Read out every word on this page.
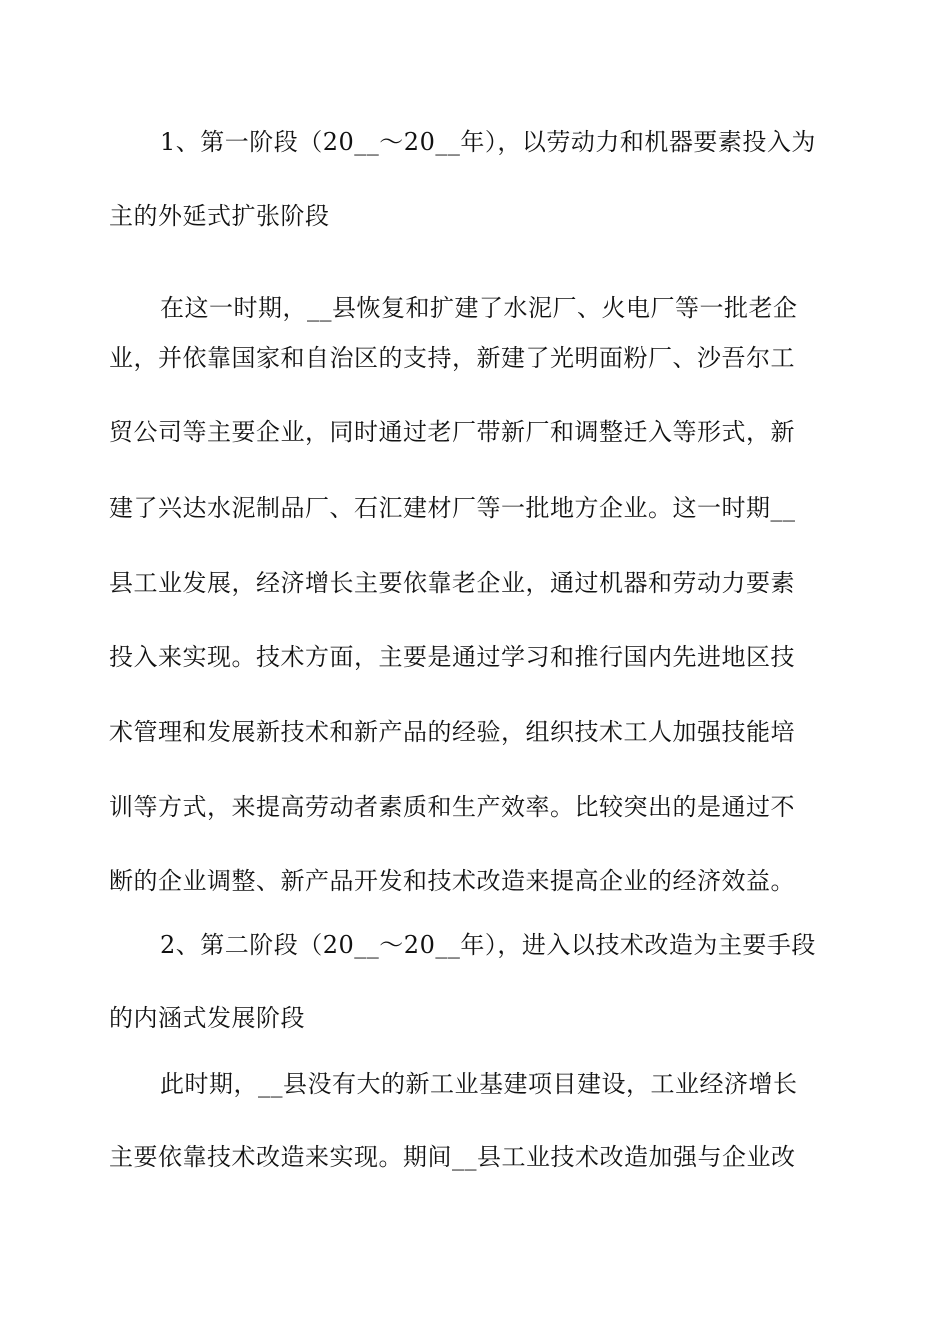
1、第一阶段（20__～20__年），以劳动力和机器要素投入为
主的外延式扩张阶段
在这一时期，__县恢复和扩建了水泥厂、火电厂等一批老企
业，并依靠国家和自治区的支持，新建了光明面粉厂、沙吾尔工
贸公司等主要企业，同时通过老厂带新厂和调整迁入等形式，新
建了兴达水泥制品厂、石汇建材厂等一批地方企业。这一时期__
县工业发展，经济增长主要依靠老企业，通过机器和劳动力要素
投入来实现。技术方面，主要是通过学习和推行国内先进地区技
术管理和发展新技术和新产品的经验，组织技术工人加强技能培
训等方式，来提高劳动者素质和生产效率。比较突出的是通过不
断的企业调整、新产品开发和技术改造来提高企业的经济效益。
2、第二阶段（20__～20__年），进入以技术改造为主要手段
的内涵式发展阶段
此时期，__县没有大的新工业基建项目建设，工业经济增长
主要依靠技术改造来实现。期间__县工业技术改造加强与企业改
